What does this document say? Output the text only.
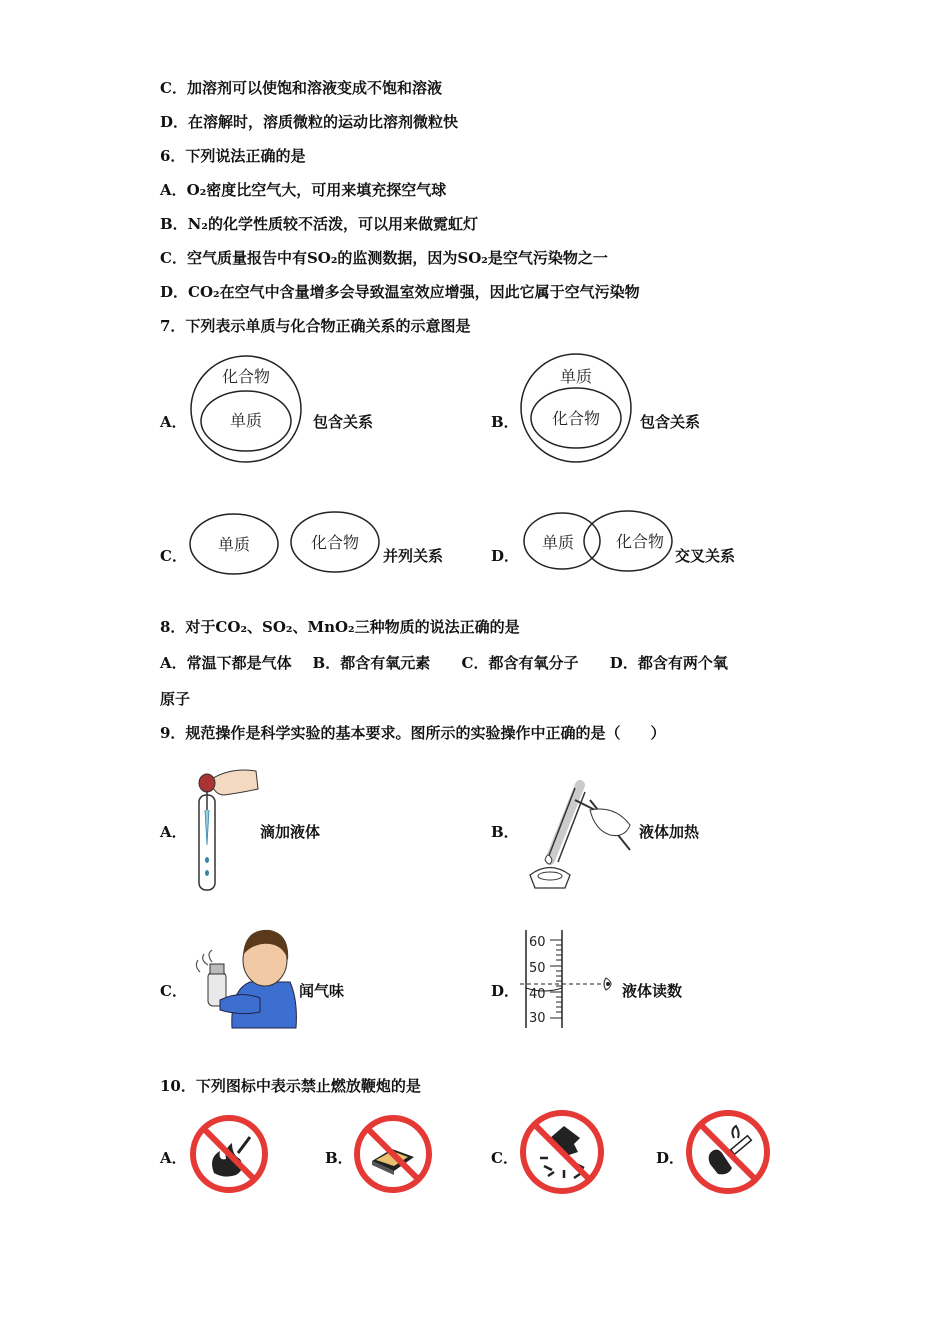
C．加溶剂可以使饱和溶液变成不饱和溶液
D．在溶解时，溶质微粒的运动比溶剂微粒快
6．下列说法正确的是
A．O₂密度比空气大，可用来填充探空气球
B．N₂的化学性质较不活泼，可以用来做霓虹灯
C．空气质量报告中有SO₂的监测数据，因为SO₂是空气污染物之一
D．CO₂在空气中含量增多会导致温室效应增强，因此它属于空气污染物
7．下列表示单质与化合物正确关系的示意图是
A．
化合物
单质	包含关系	B．
单质
化合物	包含关系
C．
单质	化合物
并列关系	D．
单质	化合物
交叉关系
8．对于CO₂、SO₂、MnO₂三种物质的说法正确的是
A．常温下都是气体    B．都含有氧元素      C．都含有氧分子      D．都含有两个氧
原子
9．规范操作是科学实验的基本要求。图所示的实验操作中正确的是（　　）
A．	滴加液体	B．	液体加热
C．	闻气味	D．
60
50
40
30
液体读数
10．下列图标中表示禁止燃放鞭炮的是
A．	B．	C．	D．
